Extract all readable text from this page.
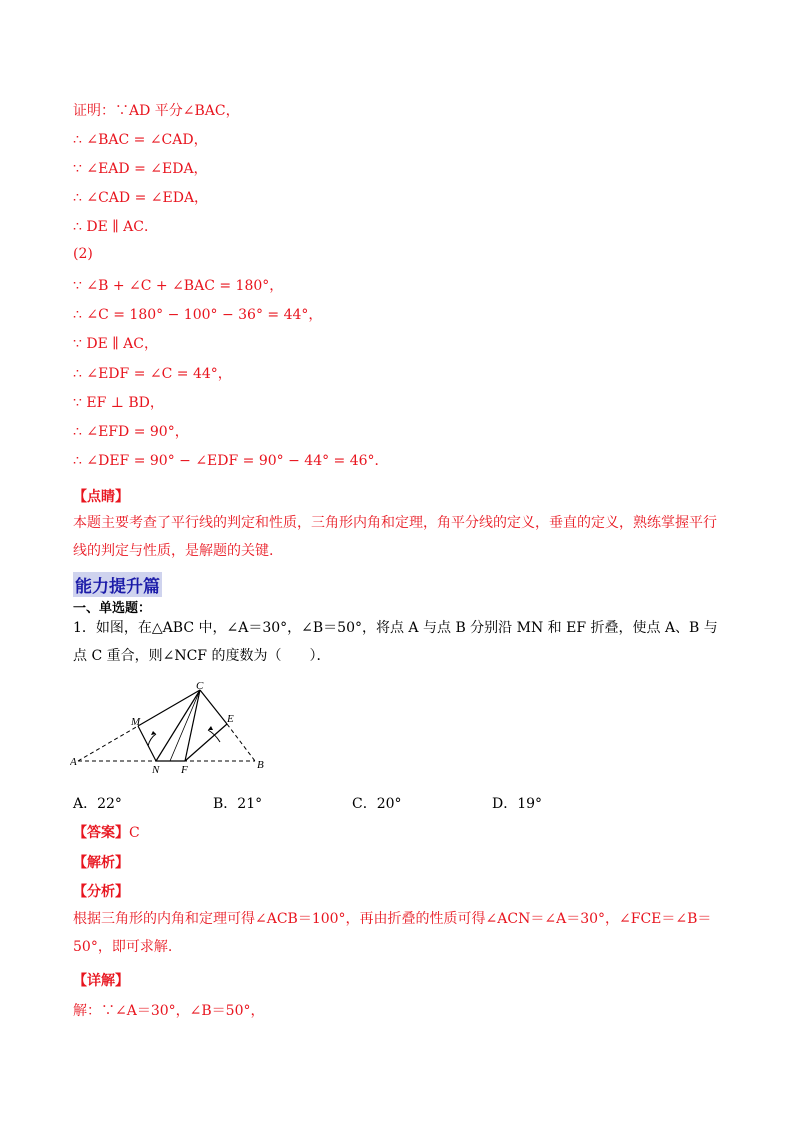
证明：∵AD 平分∠BAC，
∴ ∠BAC = ∠CAD，
∵ ∠EAD = ∠EDA，
∴ ∠CAD = ∠EDA，
∴ DE ∥ AC．
(2)
∵ ∠B + ∠C + ∠BAC = 180°，
∴ ∠C = 180° − 100° − 36° = 44°，
∵ DE ∥ AC，
∴ ∠EDF = ∠C = 44°，
∵ EF ⊥ BD，
∴ ∠EFD = 90°，
∴ ∠DEF = 90° − ∠EDF = 90° − 44° = 46°．
【点睛】
本题主要考查了平行线的判定和性质，三角形内角和定理，角平分线的定义，垂直的定义，熟练掌握平行线的判定与性质，是解题的关键.
能力提升篇
一、单选题：
1．如图，在△ABC 中，∠A＝30°，∠B＝50°，将点 A 与点 B 分别沿 MN 和 EF 折叠，使点 A、B 与点 C 重合，则∠NCF 的度数为（　　）．
A	B
C
M
N F
E
A．22°	B．21°	C．20°	D．19°
【答案】C
【解析】
【分析】
根据三角形的内角和定理可得∠ACB＝100°，再由折叠的性质可得∠ACN＝∠A＝30°，∠FCE＝∠B＝50°，即可求解.
【详解】
解：∵∠A＝30°，∠B＝50°，
